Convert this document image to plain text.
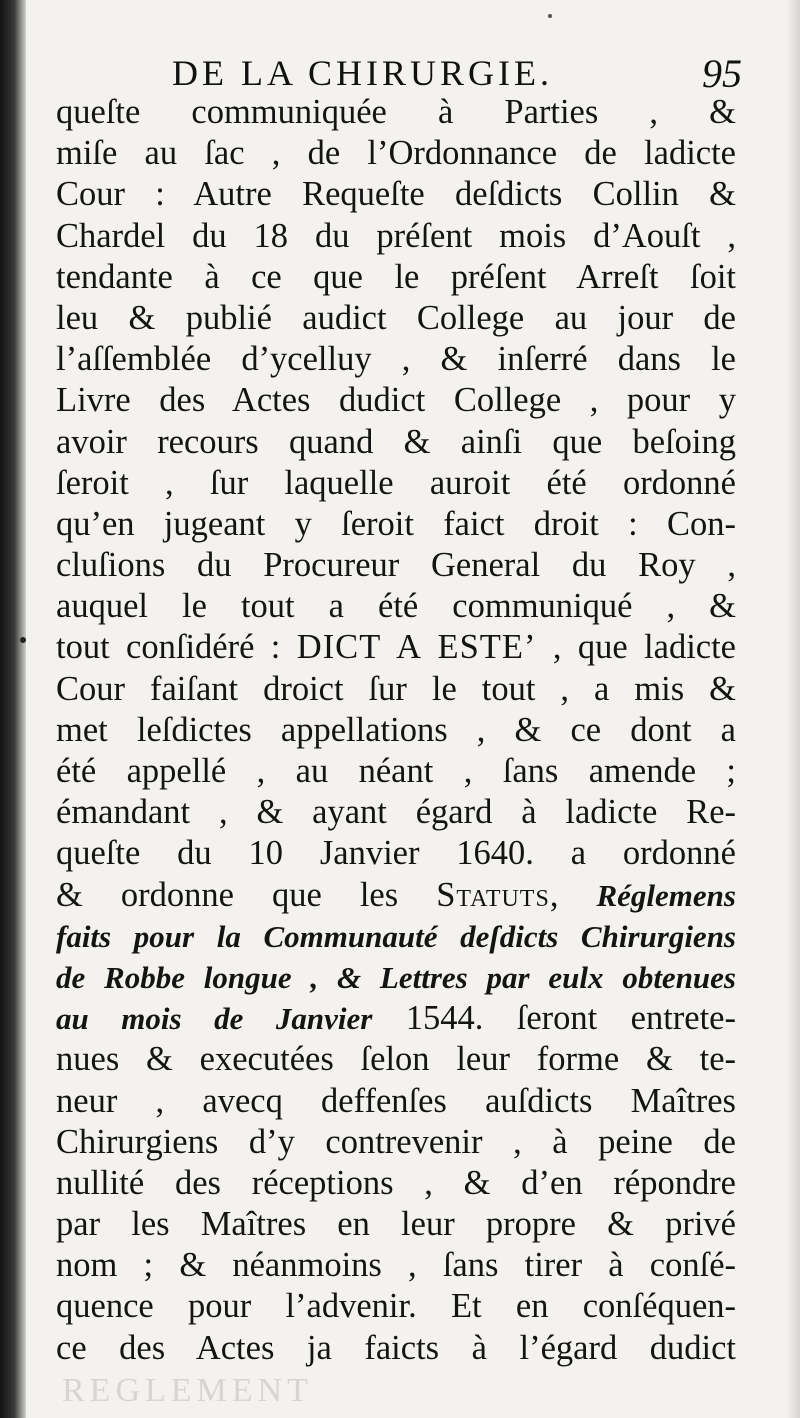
DE LA CHIRURGIE.	95
queſte communiquée à Parties , &
miſe au ſac , de l’Ordonnance de ladicte
Cour : Autre Requeſte deſdicts Collin &
Chardel du 18 du préſent mois d’Aouſt ,
tendante à ce que le préſent Arreſt ſoit
leu & publié audict College au jour de
l’aſſemblée d’ycelluy , & inſerré dans le
Livre des Actes dudict College , pour y
avoir recours quand & ainſi que beſoing
ſeroit , ſur laquelle auroit été ordonné
qu’en jugeant y ſeroit faict droit : Con-
cluſions du Procureur General du Roy ,
auquel le tout a été communiqué , &
tout conſidéré : DICT A ESTE’ , que ladicte
Cour faiſant droict ſur le tout , a mis &
met leſdictes appellations , & ce dont a
été appellé , au néant , ſans amende ;
émandant , & ayant égard à ladicte Re-
queſte du 10 Janvier 1640. a ordonné
& ordonne que les Statuts, Réglemens
faits pour la Communauté deſdicts Chirurgiens
de Robbe longue , & Lettres par eulx obtenues
au mois de Janvier 1544. ſeront entrete-
nues & executées ſelon leur forme & te-
neur , avecq deffenſes auſdicts Maîtres
Chirurgiens d’y contrevenir , à peine de
nullité des réceptions , & d’en répondre
par les Maîtres en leur propre & privé
nom ; & néanmoins , ſans tirer à conſé-
quence pour l’advenir. Et en conſéquen-
ce des Actes ja faicts à l’égard dudict
REGLEMENT
